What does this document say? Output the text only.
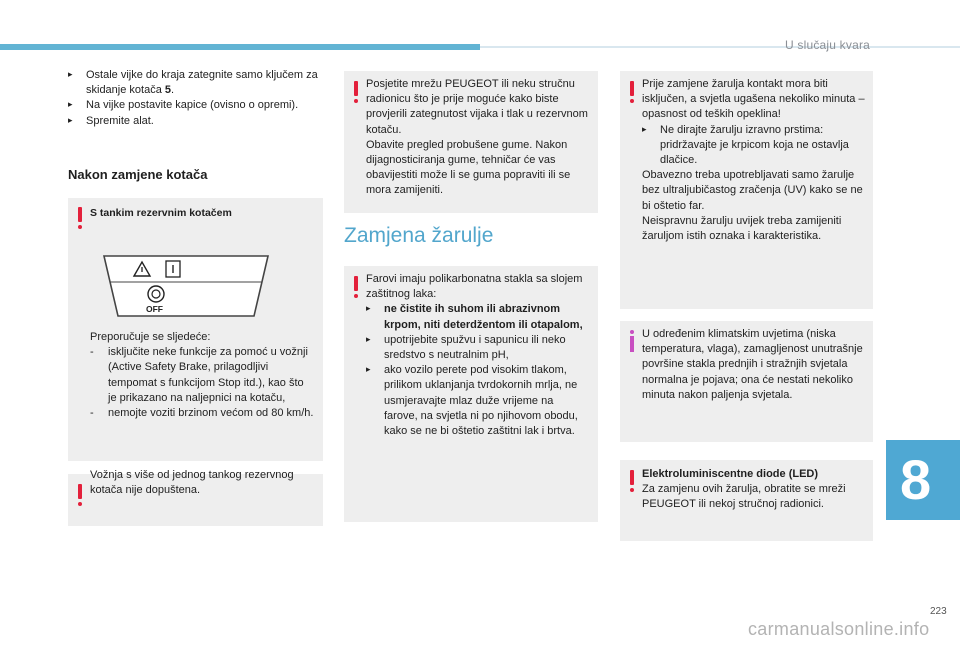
U slučaju kvara

▸ Ostale vijke do kraja zategnite samo ključem za skidanje kotača 5.

▸ Na vijke postavite kapice (ovisno o opremi).

▸ Spremite alat.

Nakon zamjene kotača

S tankim rezervnim kotačem

OFF

Preporučuje se sljedeće:

- isključite neke funkcije za pomoć u vožnji (Active Safety Brake, prilagodljivi tempomat s funkcijom Stop itd.), kao što je prikazano na naljepnici na kotaču,

- nemojte voziti brzinom većom od 80 km/h.

Vožnja s više od jednog tankog rezervnog kotača nije dopuštena.

Posjetite mrežu PEUGEOT ili neku stručnu radionicu što je prije moguće kako biste provjerili zategnutost vijaka i tlak u rezervnom kotaču.

Obavite pregled probušene gume. Nakon dijagnosticiranja gume, tehničar će vas obavijestiti može li se guma popraviti ili se mora zamijeniti.

Zamjena žarulje

Farovi imaju polikarbonatna stakla sa slojem zaštitnog laka:

▸ ne čistite ih suhom ili abrazivnom krpom, niti deterdžentom ili otapalom,

▸ upotrijebite spužvu i sapunicu ili neko sredstvo s neutralnim pH,

▸ ako vozilo perete pod visokim tlakom, prilikom uklanjanja tvrdokornih mrlja, ne usmjeravajte mlaz duže vrijeme na farove, na svjetla ni po njihovom obodu, kako se ne bi oštetio zaštitni lak i brtva.

Prije zamjene žarulja kontakt mora biti isključen, a svjetla ugašena nekoliko minuta – opasnost od teških opeklina!

▸ Ne dirajte žarulju izravno prstima: pridržavajte je krpicom koja ne ostavlja dlačice.

Obavezno treba upotrebljavati samo žarulje bez ultraljubičastog zračenja (UV) kako se ne bi oštetio far.

Neispravnu žarulju uvijek treba zamijeniti žaruljom istih oznaka i karakteristika.

U određenim klimatskim uvjetima (niska temperatura, vlaga), zamagljenost unutrašnje površine stakla prednjih i stražnjih svjetala normalna je pojava; ona će nestati nekoliko minuta nakon paljenja svjetala.

Elektroluminiscentne diode (LED)

Za zamjenu ovih žarulja, obratite se mreži PEUGEOT ili nekoj stručnoj radionici.	8
223
carmanualsonline.info
